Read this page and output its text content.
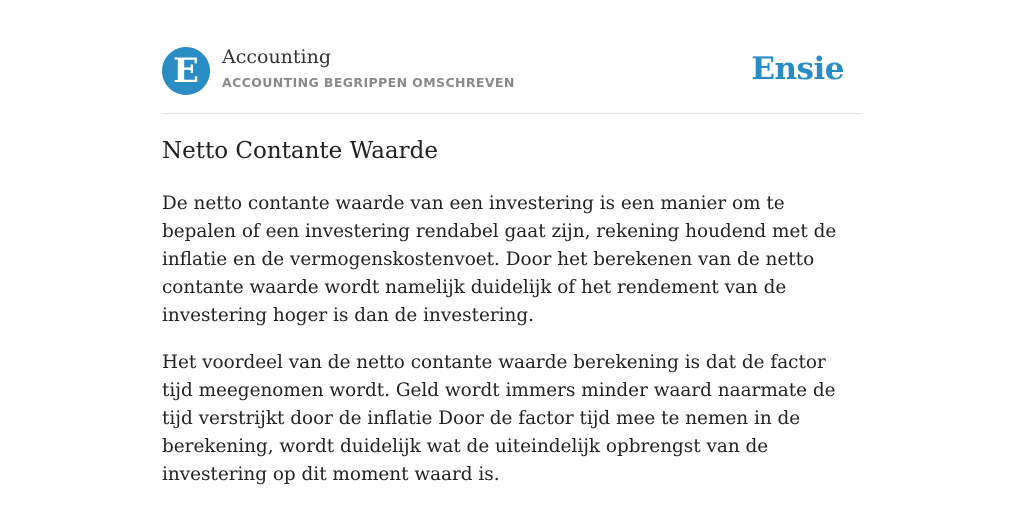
E	Accounting
ACCOUNTING BEGRIPPEN OMSCHREVEN	Ensie
Netto Contante Waarde

De netto contante waarde van een investering is een manier om te bepalen of een investering rendabel gaat zijn, rekening houdend met de inflatie en de vermogenskostenvoet. Door het berekenen van de netto contante waarde wordt namelijk duidelijk of het rendement van de investering hoger is dan de investering.

Het voordeel van de netto contante waarde berekening is dat de factor tijd meegenomen wordt. Geld wordt immers minder waard naarmate de tijd verstrijkt door de inflatie Door de factor tijd mee te nemen in de berekening, wordt duidelijk wat de uiteindelijk opbrengst van de investering op dit moment waard is.
